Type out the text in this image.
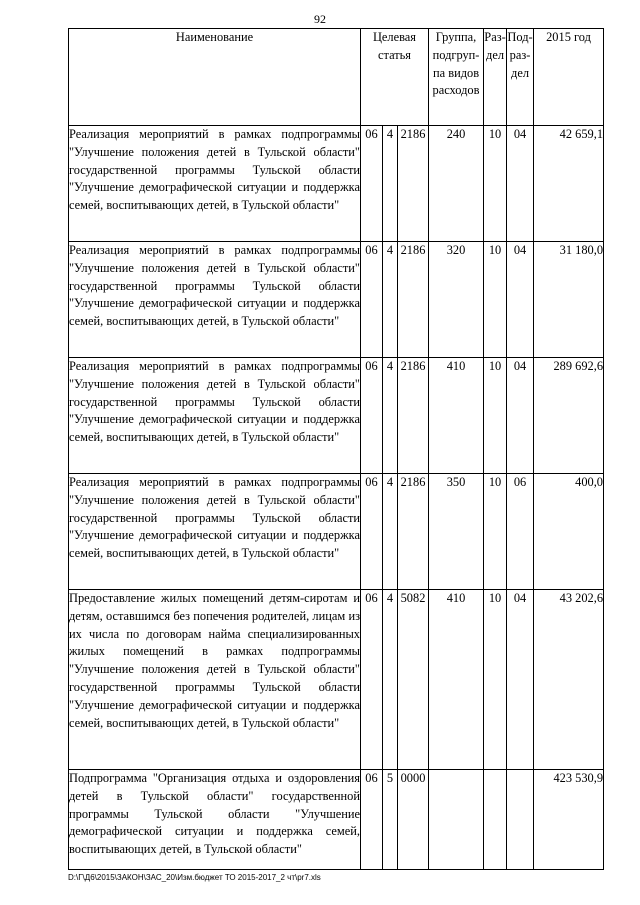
92
Наименование	Целевая статья			Группа, подгруп-па видов расходов	Раз-дел	Под-раз-дел	2015 год
Реализация мероприятий в рамках подпрограммы "Улучшение положения детей в Тульской области" государственной программы Тульской области "Улучшение демографической ситуации и поддержка семей, воспитывающих детей, в Тульской области"	06	4	2186	240	10	04	42 659,1
Реализация мероприятий в рамках подпрограммы "Улучшение положения детей в Тульской области" государственной программы Тульской области "Улучшение демографической ситуации и поддержка семей, воспитывающих детей, в Тульской области"	06	4	2186	320	10	04	31 180,0
Реализация мероприятий в рамках подпрограммы "Улучшение положения детей в Тульской области" государственной программы Тульской области "Улучшение демографической ситуации и поддержка семей, воспитывающих детей, в Тульской области"	06	4	2186	410	10	04	289 692,6
Реализация мероприятий в рамках подпрограммы "Улучшение положения детей в Тульской области" государственной программы Тульской области "Улучшение демографической ситуации и поддержка семей, воспитывающих детей, в Тульской области"	06	4	2186	350	10	06	400,0
Предоставление жилых помещений детям-сиротам и детям, оставшимся без попечения родителей, лицам из их числа по договорам найма специализированных жилых помещений в рамках подпрограммы "Улучшение положения детей в Тульской области" государственной программы Тульской области "Улучшение демографической ситуации и поддержка семей, воспитывающих детей, в Тульской области"	06	4	5082	410	10	04	43 202,6
Подпрограмма "Организация отдыха и оздоровления детей в Тульской области" государственной программы Тульской области "Улучшение демографической ситуации и поддержка семей, воспитывающих детей, в Тульской области"	06	5	0000				423 530,9
D:\Г\Д6\2015\ЗАКОН\ЗАС_20\Изм.бюджет ТО 2015-2017_2 чт\pr7.xls
